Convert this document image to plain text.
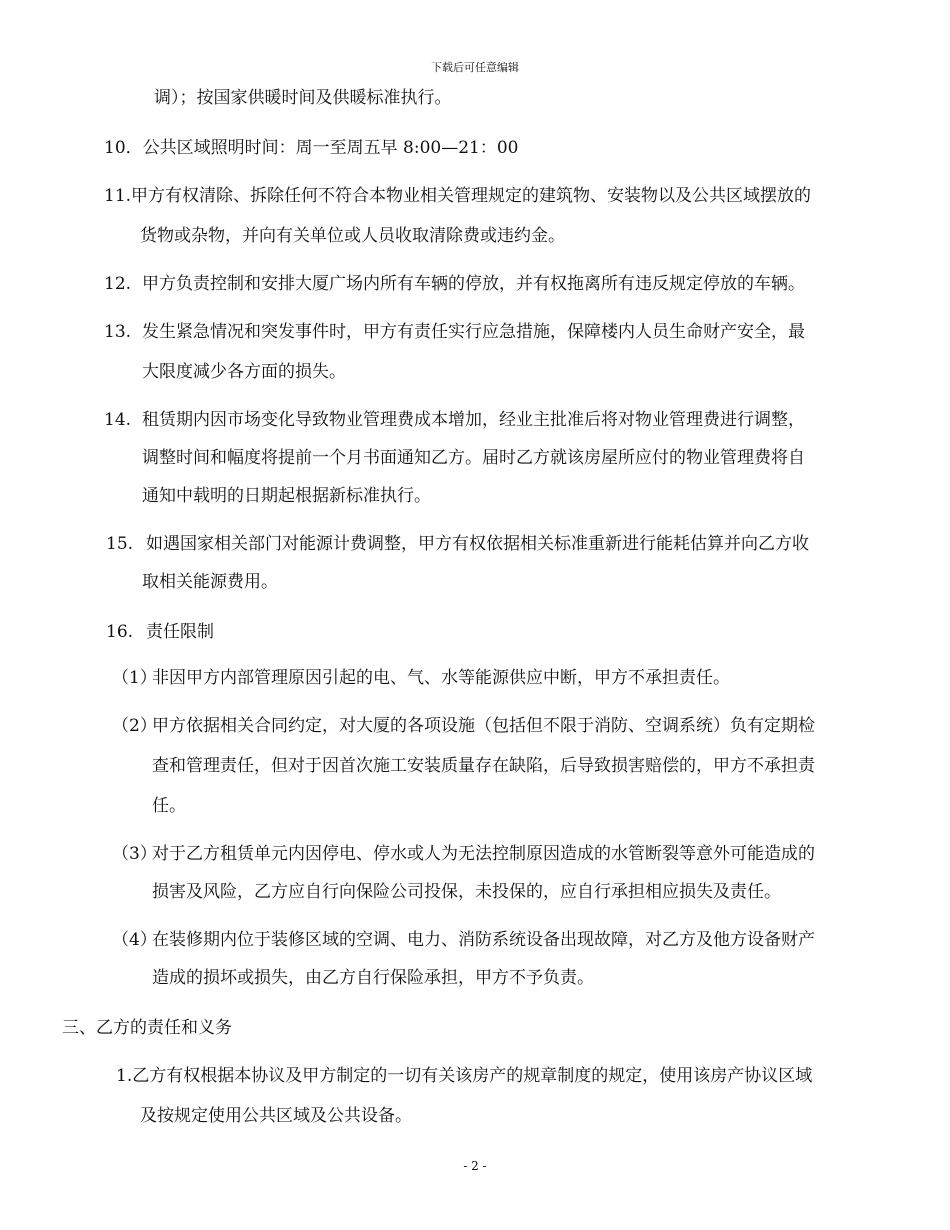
下载后可任意编辑
调）；按国家供暖时间及供暖标准执行。
10．公共区域照明时间：周一至周五早 8:00—21：00
11.甲方有权清除、拆除任何不符合本物业相关管理规定的建筑物、安装物以及公共区域摆放的
货物或杂物，并向有关单位或人员收取清除费或违约金。
12. 甲方负责控制和安排大厦广场内所有车辆的停放，并有权拖离所有违反规定停放的车辆。
13. 发生紧急情况和突发事件时，甲方有责任实行应急措施，保障楼内人员生命财产安全，最
大限度减少各方面的损失。
14. 租赁期内因市场变化导致物业管理费成本增加，经业主批准后将对物业管理费进行调整，
调整时间和幅度将提前一个月书面通知乙方。届时乙方就该房屋所应付的物业管理费将自
通知中载明的日期起根据新标准执行。
15. 如遇国家相关部门对能源计费调整，甲方有权依据相关标准重新进行能耗估算并向乙方收
取相关能源费用。
16. 责任限制
（1）非因甲方内部管理原因引起的电、气、水等能源供应中断，甲方不承担责任。
（2）甲方依据相关合同约定，对大厦的各项设施（包括但不限于消防、空调系统）负有定期检
查和管理责任，但对于因首次施工安装质量存在缺陷，后导致损害赔偿的，甲方不承担责
任。
（3）对于乙方租赁单元内因停电、停水或人为无法控制原因造成的水管断裂等意外可能造成的
损害及风险，乙方应自行向保险公司投保，未投保的，应自行承担相应损失及责任。
（4）在装修期内位于装修区域的空调、电力、消防系统设备出现故障，对乙方及他方设备财产
造成的损坏或损失，由乙方自行保险承担，甲方不予负责。
三、乙方的责任和义务
1.乙方有权根据本协议及甲方制定的一切有关该房产的规章制度的规定，使用该房产协议区域
及按规定使用公共区域及公共设备。
- 2 -
